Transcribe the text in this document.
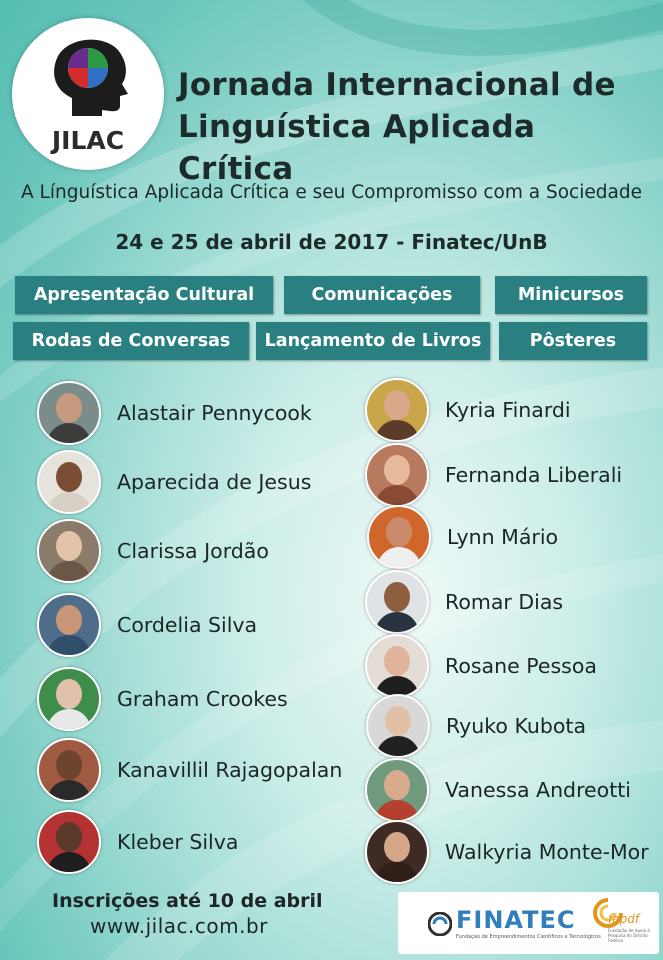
JILAC
Jornada Internacional de
Linguística Aplicada Crítica
A Línguística Aplicada Crítica e seu Compromisso com a Sociedade
24 e 25 de abril de 2017 - Finatec/UnB
Apresentação Cultural	Comunicações	Minicursos
Rodas de Conversas	Lançamento de Livros	Pôsteres
Alastair Pennycook
Aparecida de Jesus
Clarissa Jordão
Cordelia Silva
Graham Crookes
Kanavillil Rajagopalan
Kleber Silva
Kyria Finardi
Fernanda Liberali
Lynn Mário
Romar Dias
Rosane Pessoa
Ryuko Kubota
Vanessa Andreotti
Walkyria Monte-Mor
Inscrições até 10 de abril
www.jilac.com.br	FINATEC
Fundação de Empreendimentos Científicos e Tecnológicos
fapdf
Fundação de Apoio à Pesquisa do Distrito Federal
